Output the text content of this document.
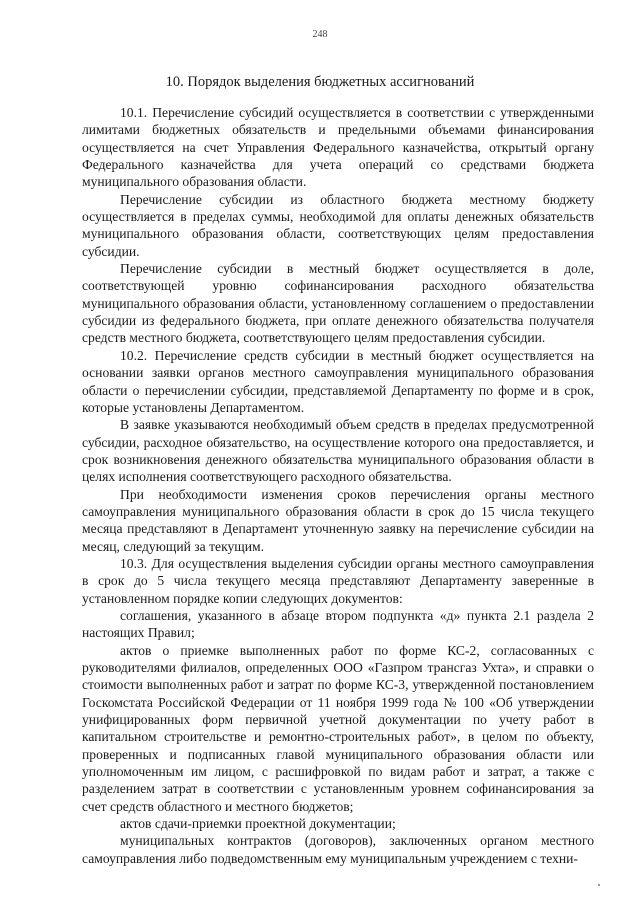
248
10. Порядок выделения бюджетных ассигнований

10.1. Перечисление субсидий осуществляется в соответствии с утвержденными лимитами бюджетных обязательств и предельными объемами финансирования осуществляется на счет Управления Федерального казначейства, открытый органу Федерального казначейства для учета операций со средствами бюджета муниципального образования области.

Перечисление субсидии из областного бюджета местному бюджету осуществляется в пределах суммы, необходимой для оплаты денежных обязательств муниципального образования области, соответствующих целям предоставления субсидии.

Перечисление субсидии в местный бюджет осуществляется в доле, соответствующей уровню софинансирования расходного обязательства муниципального образования области, установленному соглашением о предоставлении субсидии из федерального бюджета, при оплате денежного обязательства получателя средств местного бюджета, соответствующего целям предоставления субсидии.

10.2. Перечисление средств субсидии в местный бюджет осуществляется на основании заявки органов местного самоуправления муниципального образования области о перечислении субсидии, представляемой Департаменту по форме и в срок, которые установлены Департаментом.

В заявке указываются необходимый объем средств в пределах предусмотренной субсидии, расходное обязательство, на осуществление которого она предоставляется, и срок возникновения денежного обязательства муниципального образования области в целях исполнения соответствующего расходного обязательства.

При необходимости изменения сроков перечисления органы местного самоуправления муниципального образования области в срок до 15 числа текущего месяца представляют в Департамент уточненную заявку на перечисление субсидии на месяц, следующий за текущим.

10.3. Для осуществления выделения субсидии органы местного самоуправления в срок до 5 числа текущего месяца представляют Департаменту заверенные в установленном порядке копии следующих документов:

соглашения, указанного в абзаце втором подпункта «д» пункта 2.1 раздела 2 настоящих Правил;

актов о приемке выполненных работ по форме КС-2, согласованных с руководителями филиалов, определенных ООО «Газпром трансгаз Ухта», и справки о стоимости выполненных работ и затрат по форме КС-3, утвержденной постановлением Госкомстата Российской Федерации от 11 ноября 1999 года № 100 «Об утверждении унифицированных форм первичной учетной документации по учету работ в капитальном строительстве и ремонтно-строительных работ», в целом по объекту, проверенных и подписанных главой муниципального образования области или уполномоченным им лицом, с расшифровкой по видам работ и затрат, а также с разделением затрат в соответствии с установленным уровнем софинансирования за счет средств областного и местного бюджетов;

актов сдачи-приемки проектной документации;

муниципальных контрактов (договоров), заключенных органом местного самоуправления либо подведомственным ему муниципальным учреждением с техни-
